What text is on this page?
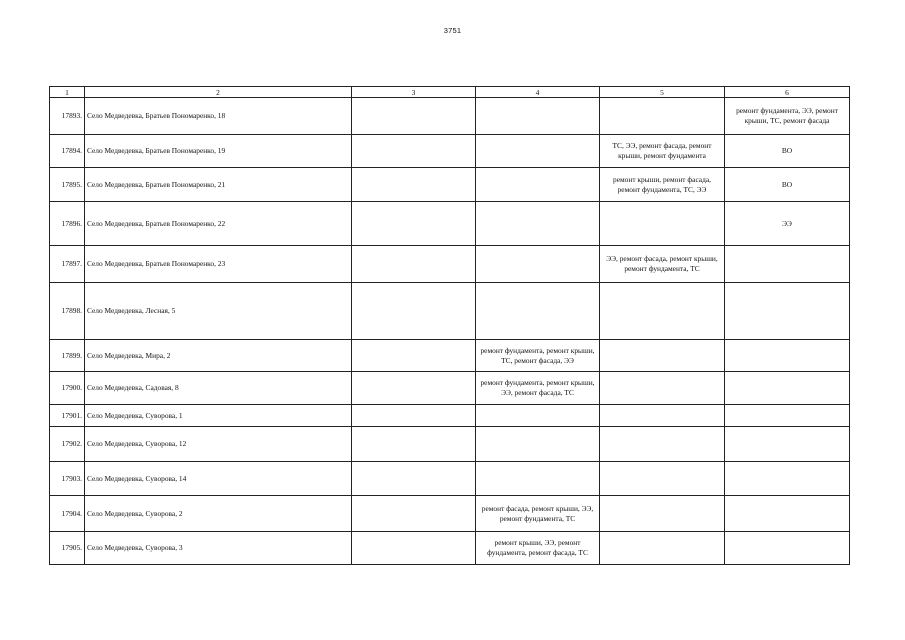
3751
1	2	3	4	5	6
17893.	Село Медведевка, Братьев Пономаренко, 18				ремонт фундамента, ЭЭ, ремонт крыши, ТС, ремонт фасада
17894.	Село Медведевка, Братьев Пономаренко, 19			ТС, ЭЭ, ремонт фасада, ремонт крыши, ремонт фундамента	ВО
17895.	Село Медведевка, Братьев Пономаренко, 21			ремонт крыши, ремонт фасада, ремонт фундамента, ТС, ЭЭ	ВО
17896.	Село Медведевка, Братьев Пономаренко, 22				ЭЭ
17897.	Село Медведевка, Братьев Пономаренко, 23			ЭЭ, ремонт фасада, ремонт крыши, ремонт фундамента, ТС	
17898.	Село Медведевка, Лесная, 5				
17899.	Село Медведевка, Мира, 2		ремонт фундамента, ремонт крыши, ТС, ремонт фасада, ЭЭ		
17900.	Село Медведевка, Садовая, 8		ремонт фундамента, ремонт крыши, ЭЭ, ремонт фасада, ТС		
17901.	Село Медведевка, Суворова, 1				
17902.	Село Медведевка, Суворова, 12				
17903.	Село Медведевка, Суворова, 14				
17904.	Село Медведевка, Суворова, 2		ремонт фасада, ремонт крыши, ЭЭ, ремонт фундамента, ТС		
17905.	Село Медведевка, Суворова, 3		ремонт крыши, ЭЭ, ремонт фундамента, ремонт фасада, ТС		
